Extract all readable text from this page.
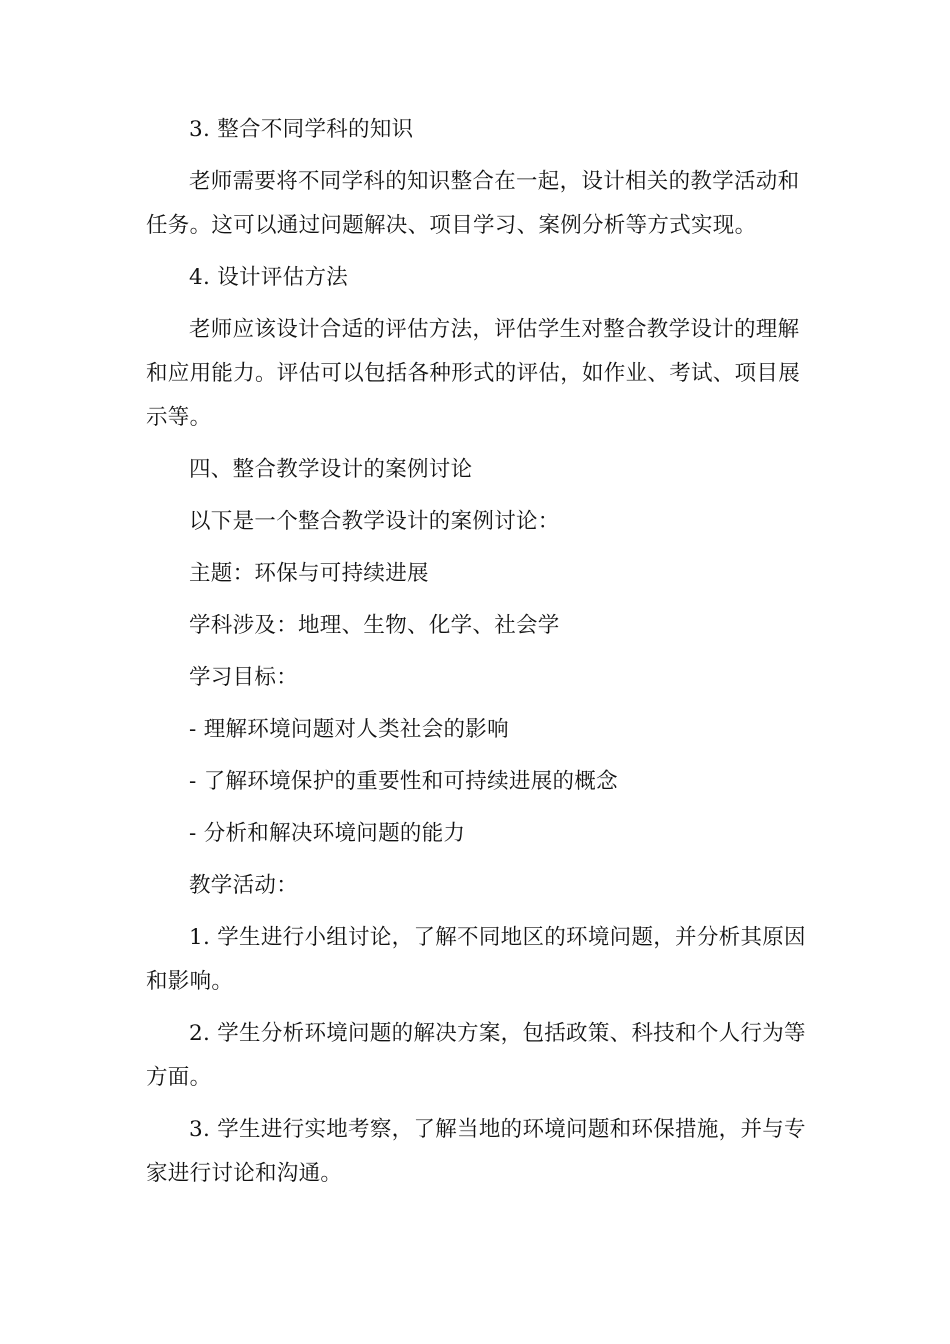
3. 整合不同学科的知识

老师需要将不同学科的知识整合在一起，设计相关的教学活动和任务。这可以通过问题解决、项目学习、案例分析等方式实现。

4. 设计评估方法

老师应该设计合适的评估方法，评估学生对整合教学设计的理解和应用能力。评估可以包括各种形式的评估，如作业、考试、项目展示等。

四、整合教学设计的案例讨论

以下是一个整合教学设计的案例讨论：

主题：环保与可持续进展

学科涉及：地理、生物、化学、社会学

学习目标：

- 理解环境问题对人类社会的影响

- 了解环境保护的重要性和可持续进展的概念

- 分析和解决环境问题的能力

教学活动：

1. 学生进行小组讨论，了解不同地区的环境问题，并分析其原因和影响。

2. 学生分析环境问题的解决方案，包括政策、科技和个人行为等方面。

3. 学生进行实地考察，了解当地的环境问题和环保措施，并与专家进行讨论和沟通。
